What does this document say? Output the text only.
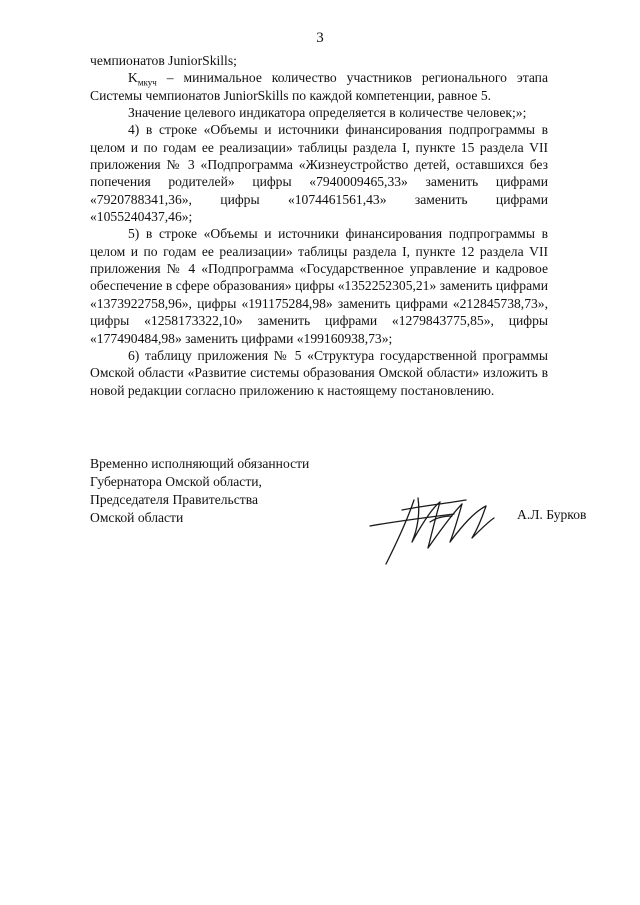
3

чемпионатов JuniorSkills;

$K_{мкуч}$ – минимальное количество участников регионального этапа Системы чемпионатов JuniorSkills по каждой компетенции, равное 5.

Значение целевого индикатора определяется в количестве человек;»;

4) в строке «Объемы и источники финансирования подпрограммы в целом и по годам ее реализации» таблицы раздела I, пункте 15 раздела VII приложения № 3 «Подпрограмма «Жизнеустройство детей, оставшихся без попечения родителей» цифры «7940009465,33» заменить цифрами «7920788341,36», цифры «1074461561,43» заменить цифрами «1055240437,46»;

5) в строке «Объемы и источники финансирования подпрограммы в целом и по годам ее реализации» таблицы раздела I, пункте 12 раздела VII приложения № 4 «Подпрограмма «Государственное управление и кадровое обеспечение в сфере образования» цифры «1352252305,21» заменить цифрами «1373922758,96», цифры «191175284,98» заменить цифрами «212845738,73», цифры «1258173322,10» заменить цифрами «1279843775,85», цифры «177490484,98» заменить цифрами «199160938,73»;

6) таблицу приложения № 5 «Структура государственной программы Омской области «Развитие системы образования Омской области» изложить в новой редакции согласно приложению к настоящему постановлению.

Временно исполняющий обязанности
Губернатора Омской области,
Председателя Правительства
Омской области	А.Л. Бурков
